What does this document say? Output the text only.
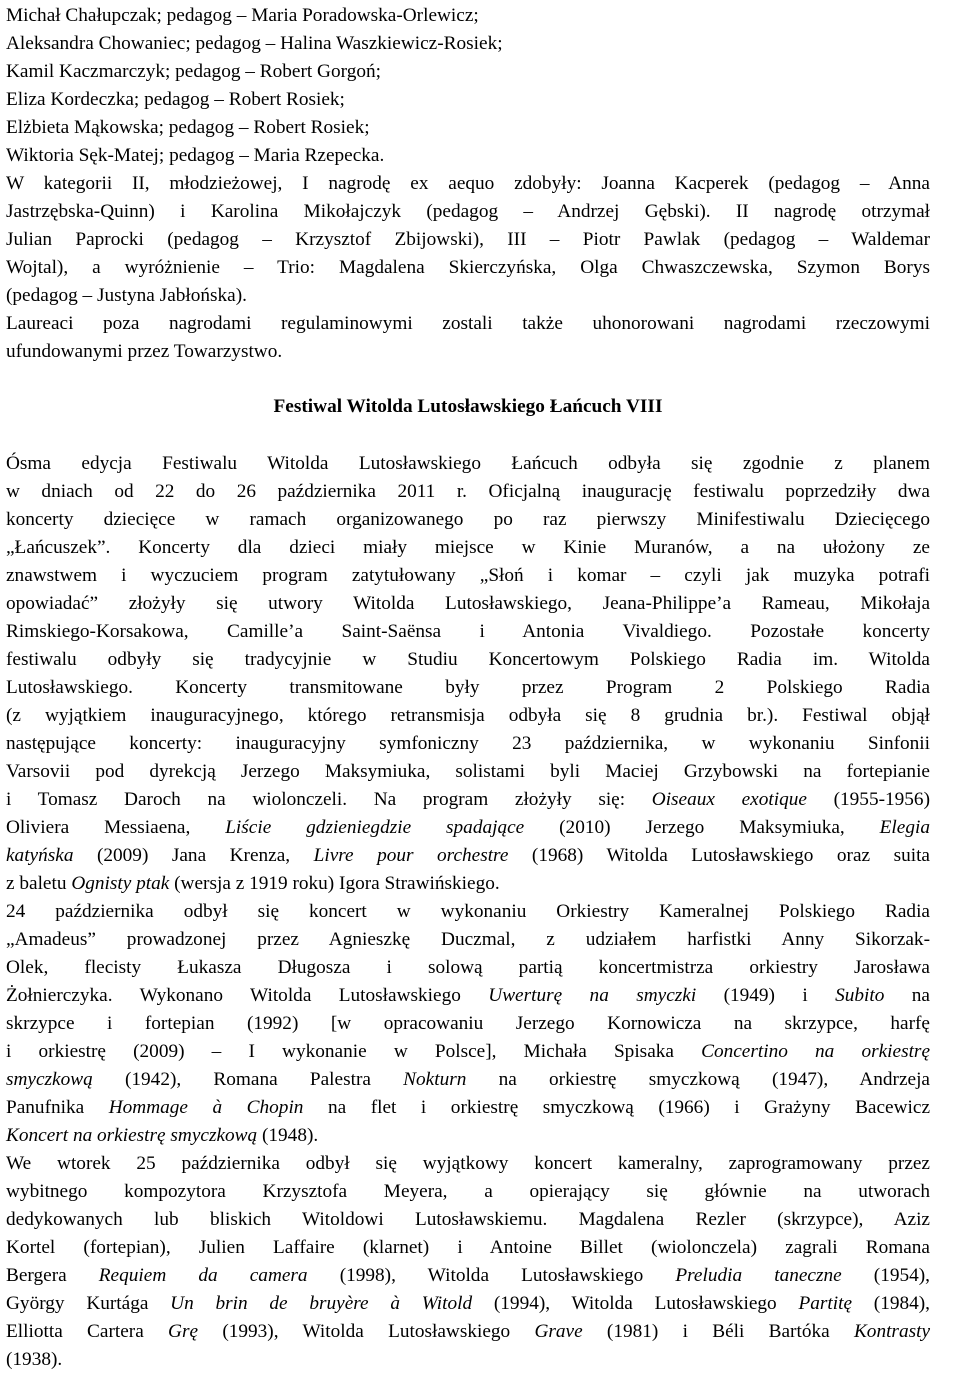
Michał Chałupczak; pedagog – Maria Poradowska-Orlewicz;
Aleksandra Chowaniec; pedagog – Halina Waszkiewicz-Rosiek;
Kamil Kaczmarczyk; pedagog – Robert Gorgoń;
Eliza Kordeczka; pedagog – Robert Rosiek;
Elżbieta Mąkowska; pedagog – Robert Rosiek;
Wiktoria Sęk-Matej; pedagog – Maria Rzepecka.
W kategorii II, młodzieżowej, I nagrodę ex aequo zdobyły: Joanna Kacperek (pedagog – Anna
Jastrzębska-Quinn) i Karolina Mikołajczyk (pedagog – Andrzej Gębski). II nagrodę otrzymał
Julian Paprocki (pedagog – Krzysztof Zbijowski), III – Piotr Pawlak (pedagog – Waldemar
Wojtal), a wyróżnienie – Trio: Magdalena Skierczyńska, Olga Chwaszczewska, Szymon Borys
(pedagog – Justyna Jabłońska).
Laureaci poza nagrodami regulaminowymi zostali także uhonorowani nagrodami rzeczowymi
ufundowanymi przez Towarzystwo.
Ósma edycja Festiwalu Witolda Lutosławskiego Łańcuch odbyła się zgodnie z planem
w dniach od 22 do 26 października 2011 r. Oficjalną inaugurację festiwalu poprzedziły dwa
koncerty dziecięce w ramach organizowanego po raz pierwszy Minifestiwalu Dziecięcego
„Łańcuszek”. Koncerty dla dzieci miały miejsce w Kinie Muranów, a na ułożony ze
znawstwem i wyczuciem program zatytułowany „Słoń i komar – czyli jak muzyka potrafi
opowiadać” złożyły się utwory Witolda Lutosławskiego, Jeana-Philippe’a Rameau, Mikołaja
Rimskiego-Korsakowa, Camille’a Saint-Saënsa i Antonia Vivaldiego. Pozostałe koncerty
festiwalu odbyły się tradycyjnie w Studiu Koncertowym Polskiego Radia im. Witolda
Lutosławskiego. Koncerty transmitowane były przez Program 2 Polskiego Radia
(z wyjątkiem inauguracyjnego, którego retransmisja odbyła się 8 grudnia br.). Festiwal objął
następujące koncerty: inauguracyjny symfoniczny 23 października, w wykonaniu Sinfonii
Varsovii pod dyrekcją Jerzego Maksymiuka, solistami byli Maciej Grzybowski na fortepianie
i Tomasz Daroch na wiolonczeli. Na program złożyły się: Oiseaux exotique (1955-1956)
Oliviera Messiaena, Liście gdzieniegdzie spadające (2010) Jerzego Maksymiuka, Elegia
katyńska (2009) Jana Krenza, Livre pour orchestre (1968) Witolda Lutosławskiego oraz suita
z baletu Ognisty ptak (wersja z 1919 roku) Igora Strawińskiego.
24 października odbył się koncert w wykonaniu Orkiestry Kameralnej Polskiego Radia
„Amadeus” prowadzonej przez Agnieszkę Duczmal, z udziałem harfistki Anny Sikorzak-
Olek, flecisty Łukasza Długosza i solową partią koncertmistrza orkiestry Jarosława
Żołnierczyka. Wykonano Witolda Lutosławskiego Uwerturę na smyczki (1949) i Subito na
skrzypce i fortepian (1992) [w opracowaniu Jerzego Kornowicza na skrzypce, harfę
i orkiestrę (2009) – I wykonanie w Polsce], Michała Spisaka Concertino na orkiestrę
smyczkową (1942), Romana Palestra Nokturn na orkiestrę smyczkową (1947), Andrzeja
Panufnika Hommage à Chopin na flet i orkiestrę smyczkową (1966) i Grażyny Bacewicz
Koncert na orkiestrę smyczkową (1948).
We wtorek 25 października odbył się wyjątkowy koncert kameralny, zaprogramowany przez
wybitnego kompozytora Krzysztofa Meyera, a opierający się głównie na utworach
dedykowanych lub bliskich Witoldowi Lutosławskiemu. Magdalena Rezler (skrzypce), Aziz
Kortel (fortepian), Julien Laffaire (klarnet) i Antoine Billet (wiolonczela) zagrali Romana
Bergera Requiem da camera (1998), Witolda Lutosławskiego Preludia taneczne (1954),
György Kurtága Un brin de bruyère à Witold (1994), Witolda Lutosławskiego Partitę (1984),
Elliotta Cartera Grę (1993), Witolda Lutosławskiego Grave (1981) i Béli Bartóka Kontrasty
(1938).
Festiwal Witolda Lutosławskiego Łańcuch VIII
